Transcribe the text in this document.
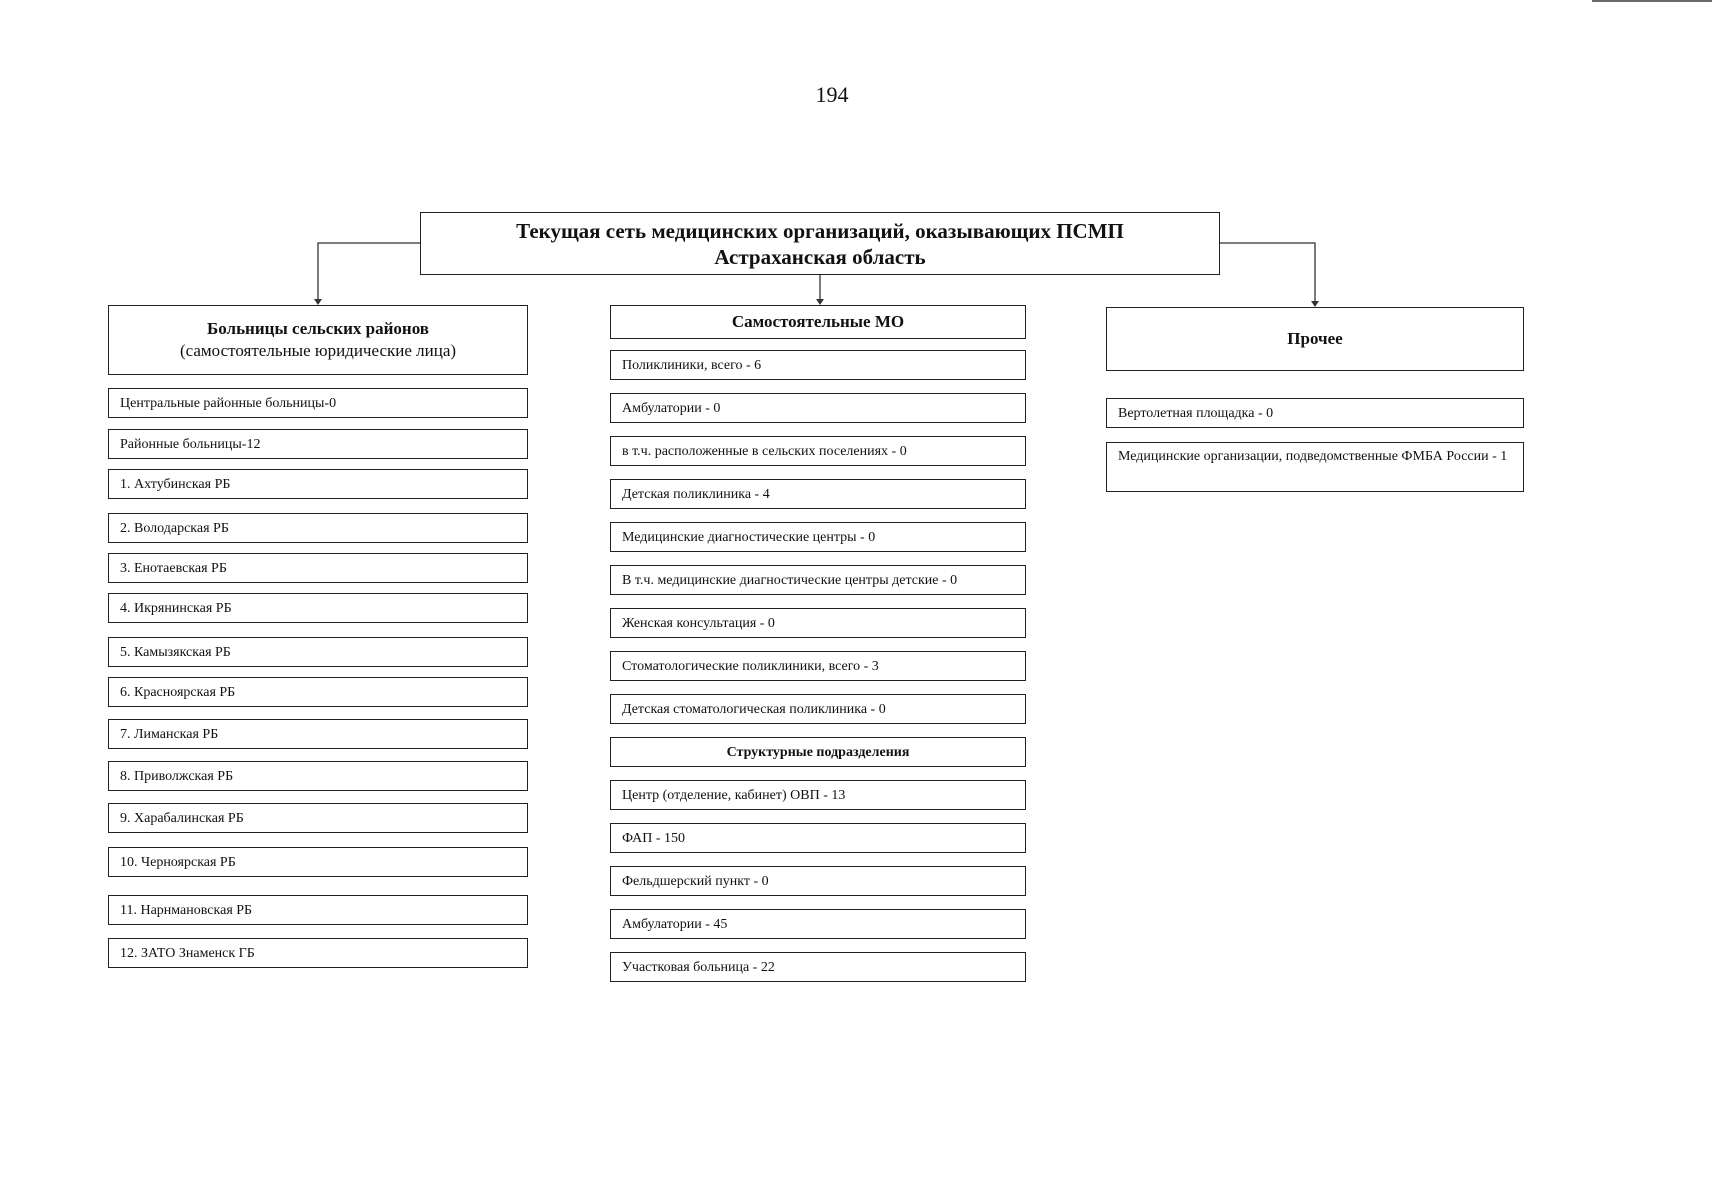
194
Текущая сеть медицинских организаций, оказывающих ПСМП
Астраханская область
Больницы сельских районов
(самостоятельные юридические лица)
Центральные районные больницы-0
Районные больницы-12
1. Ахтубинская РБ
2. Володарская РБ
3. Енотаевская РБ
4. Икрянинская РБ
5. Камызякская РБ
6. Красноярская РБ
7. Лиманская РБ
8. Приволжская РБ
9. Харабалинская РБ
10. Черноярская РБ
11. Нарнмановская РБ
12. ЗАТО Знаменск ГБ
Самостоятельные МО
Поликлиники, всего - 6
Амбулатории - 0
в т.ч. расположенные в сельских поселениях - 0
Детская поликлиника - 4
Медицинские диагностические центры - 0
В т.ч. медицинские диагностические центры детские - 0
Женская консультация - 0
Стоматологические поликлиники, всего - 3
Детская стоматологическая поликлиника - 0
Структурные подразделения
Центр (отделение, кабинет) ОВП - 13
ФАП - 150
Фельдшерский пункт - 0
Амбулатории - 45
Участковая больница - 22
Прочее
Вертолетная площадка - 0
Медицинские организации, подведомственные ФМБА России - 1
